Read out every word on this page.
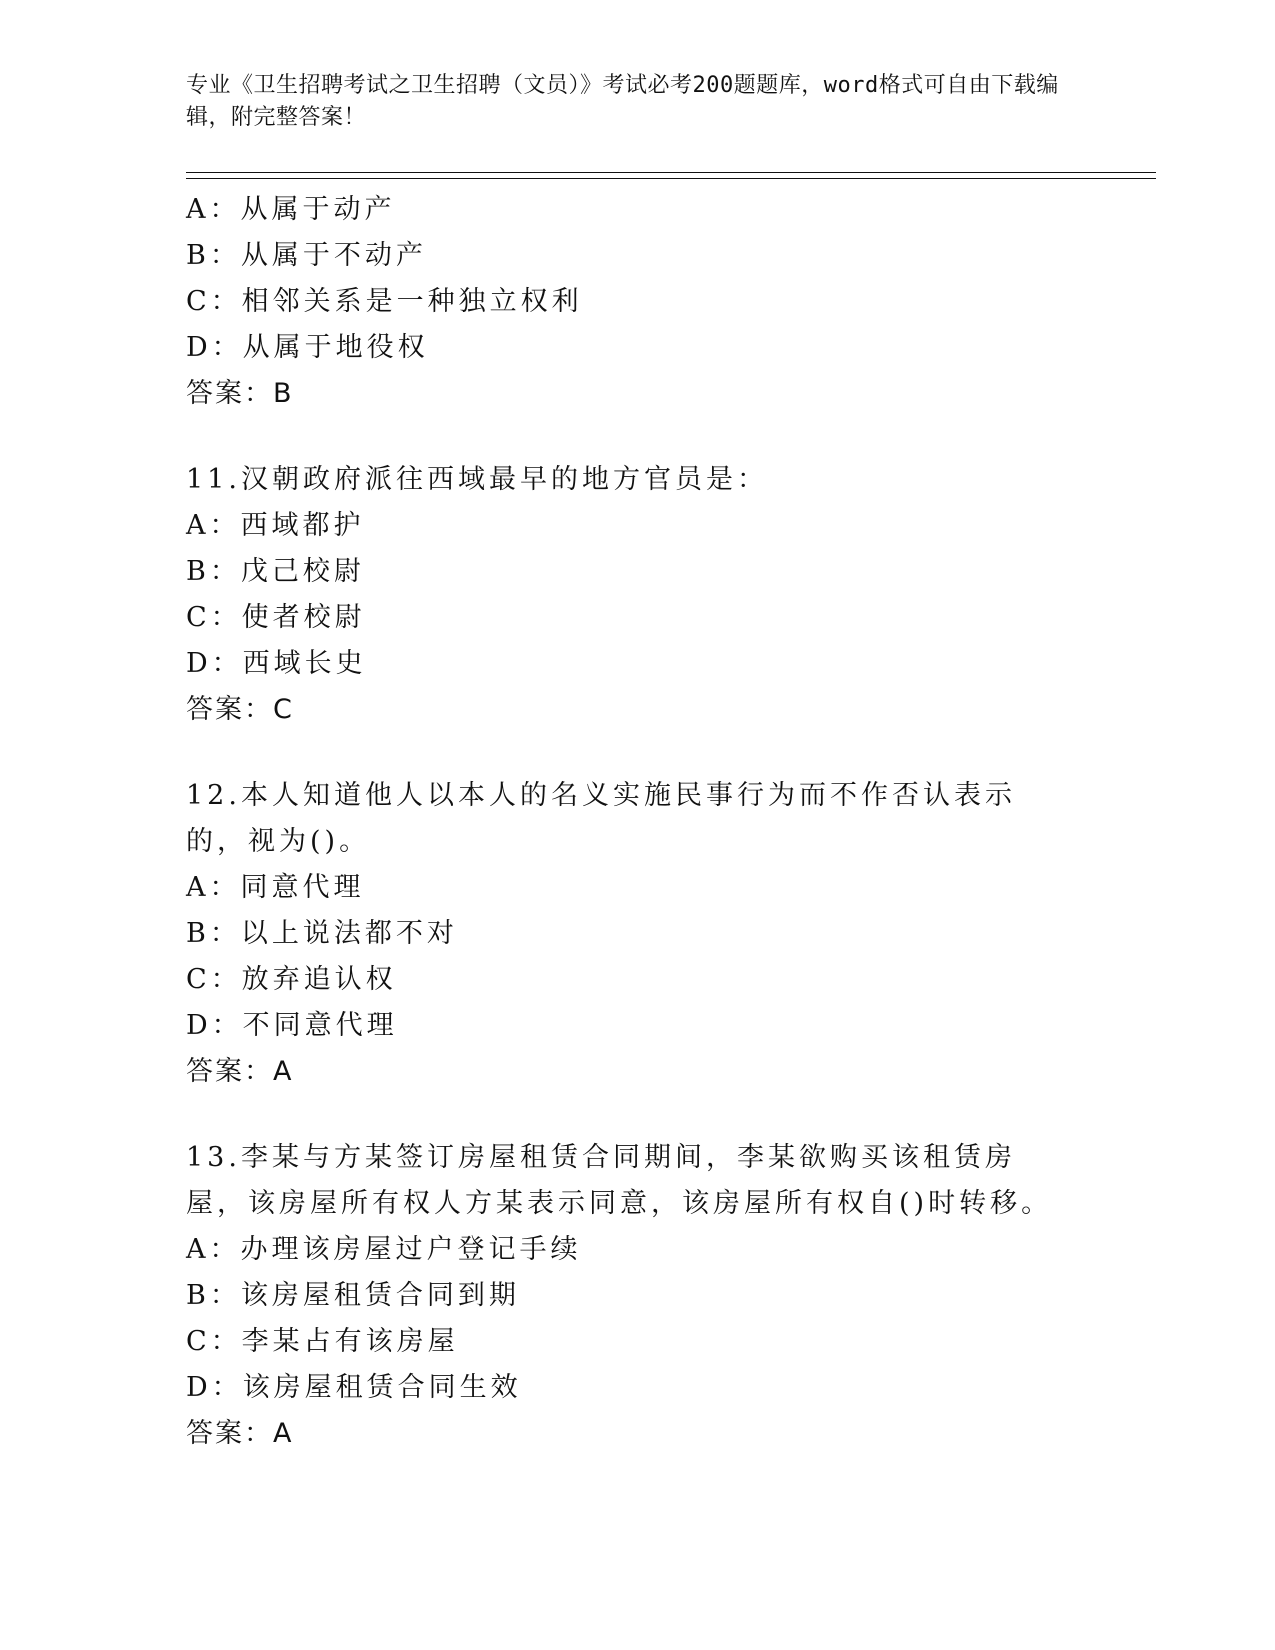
专业《卫生招聘考试之卫生招聘（文员）》考试必考200题题库，word格式可自由下载编辑，附完整答案！

A：从属于动产

B：从属于不动产

C：相邻关系是一种独立权利

D：从属于地役权

答案：B

11.汉朝政府派往西域最早的地方官员是：

A：西域都护

B：戊己校尉

C：使者校尉

D：西域长史

答案：C

12.本人知道他人以本人的名义实施民事行为而不作否认表示的，视为()。

A：同意代理

B：以上说法都不对

C：放弃追认权

D：不同意代理

答案：A

13.李某与方某签订房屋租赁合同期间，李某欲购买该租赁房屋，该房屋所有权人方某表示同意，该房屋所有权自()时转移。

A：办理该房屋过户登记手续

B：该房屋租赁合同到期

C：李某占有该房屋

D：该房屋租赁合同生效

答案：A
